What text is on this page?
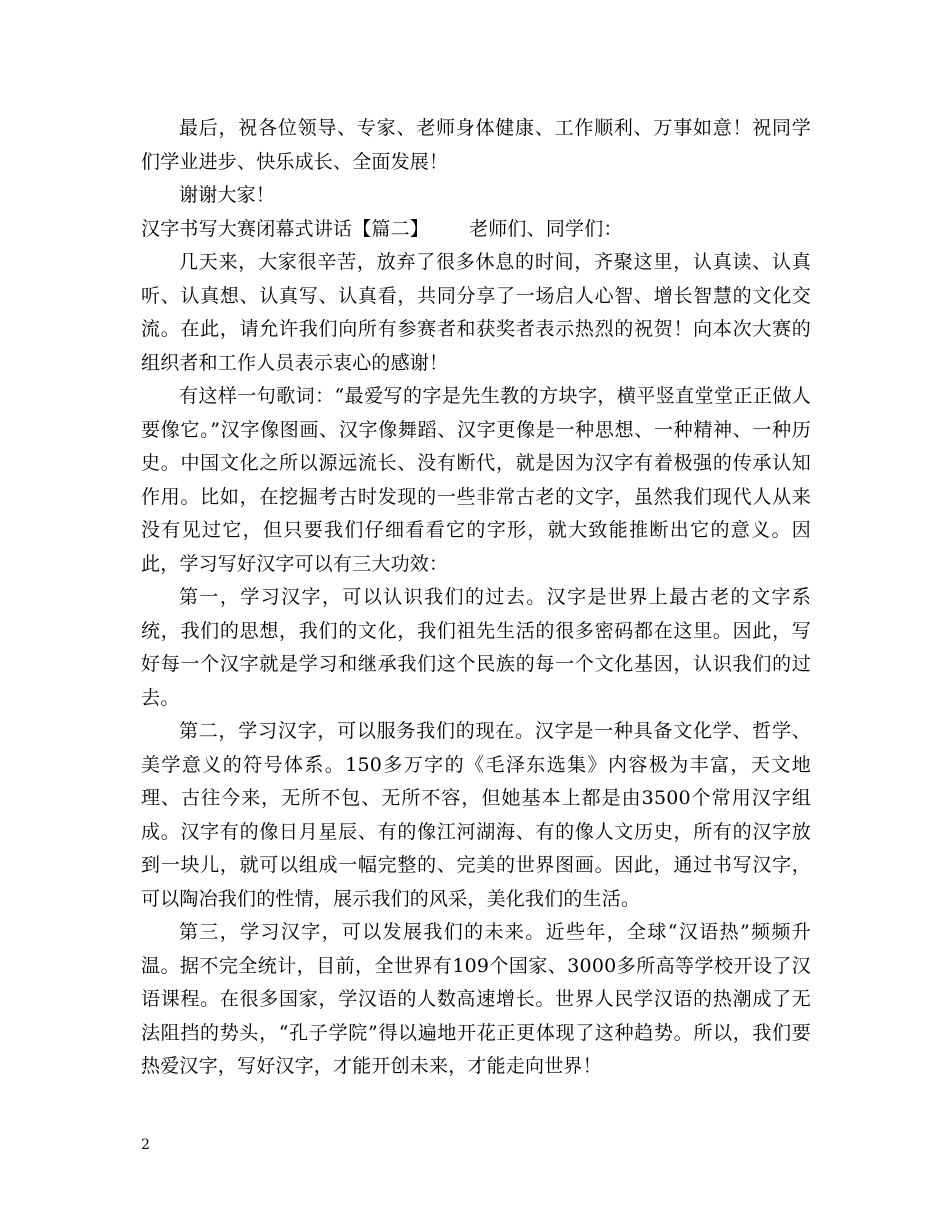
最后，祝各位领导、专家、老师身体健康、工作顺利、万事如意！祝同学们学业进步、快乐成长、全面发展！

谢谢大家！

汉字书写大赛闭幕式讲话【篇二】 老师们、同学们：

几天来，大家很辛苦，放弃了很多休息的时间，齐聚这里，认真读、认真听、认真想、认真写、认真看，共同分享了一场启人心智、增长智慧的文化交流。在此，请允许我们向所有参赛者和获奖者表示热烈的祝贺！向本次大赛的组织者和工作人员表示衷心的感谢！

有这样一句歌词：“最爱写的字是先生教的方块字，横平竖直堂堂正正做人要像它。”汉字像图画、汉字像舞蹈、汉字更像是一种思想、一种精神、一种历史。中国文化之所以源远流长、没有断代，就是因为汉字有着极强的传承认知作用。比如，在挖掘考古时发现的一些非常古老的文字，虽然我们现代人从来没有见过它，但只要我们仔细看看它的字形，就大致能推断出它的意义。因此，学习写好汉字可以有三大功效：

第一，学习汉字，可以认识我们的过去。汉字是世界上最古老的文字系统，我们的思想，我们的文化，我们祖先生活的很多密码都在这里。因此，写好每一个汉字就是学习和继承我们这个民族的每一个文化基因，认识我们的过去。

第二，学习汉字，可以服务我们的现在。汉字是一种具备文化学、哲学、美学意义的符号体系。150多万字的《毛泽东选集》内容极为丰富，天文地理、古往今来，无所不包、无所不容，但她基本上都是由3500个常用汉字组成。汉字有的像日月星辰、有的像江河湖海、有的像人文历史，所有的汉字放到一块儿，就可以组成一幅完整的、完美的世界图画。因此，通过书写汉字，可以陶冶我们的性情，展示我们的风采，美化我们的生活。

第三，学习汉字，可以发展我们的未来。近些年，全球“汉语热”频频升温。据不完全统计，目前，全世界有109个国家、3000多所高等学校开设了汉语课程。在很多国家，学汉语的人数高速增长。世界人民学汉语的热潮成了无法阻挡的势头，“孔子学院”得以遍地开花正更体现了这种趋势。所以，我们要热爱汉字，写好汉字，才能开创未来，才能走向世界！

2
